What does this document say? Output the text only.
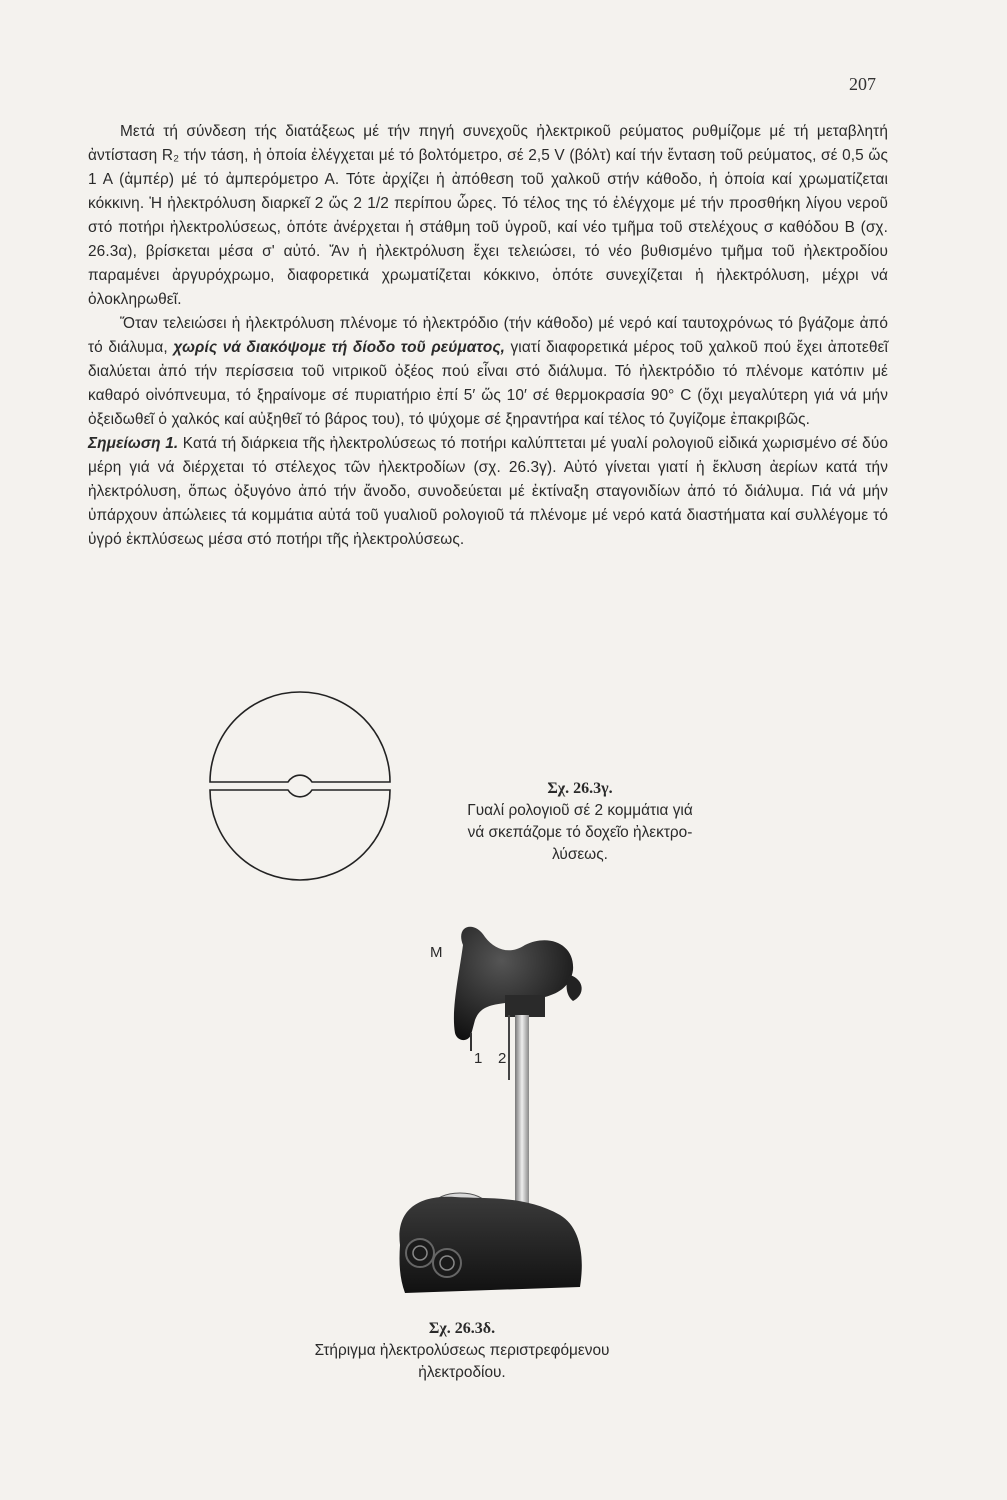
207

Μετά τή σύνδεση τής διατάξεως μέ τήν πηγή συνεχοῦς ἠλεκτρικοῦ ρεύματος ρυθμίζομε μέ τή μεταβλητή ἀντίσταση R₂ τήν τάση, ἡ ὁποία ἐλέγχεται μέ τό βολτόμετρο, σέ 2,5 V (βόλτ) καί τήν ἔνταση τοῦ ρεύματος, σέ 0,5 ὥς 1 Α (ἀμπέρ) μέ τό ἀμπερόμετρο Α. Τότε ἀρχίζει ἡ ἀπόθεση τοῦ χαλκοῦ στήν κάθοδο, ἡ ὁποία καί χρωματίζεται κόκκινη. Ἡ ἠλεκτρόλυση διαρκεῖ 2 ὥς 2 1/2 περίπου ὧρες. Τό τέλος της τό ἐλέγχομε μέ τήν προσθήκη λίγου νεροῦ στό ποτήρι ἠλεκτρολύσεως, ὁπότε ἀνέρχεται ἡ στάθμη τοῦ ὑγροῦ, καί νέο τμῆμα τοῦ στελέχους σ καθόδου Β (σχ. 26.3α), βρίσκεται μέσα σ' αὐτό. Ἄν ἡ ἠλεκτρόλυση ἔχει τελειώσει, τό νέο βυθισμένο τμῆμα τοῦ ἠλεκτροδίου παραμένει ἀργυρόχρωμο, διαφορετικά χρωματίζεται κόκκινο, ὁπότε συνεχίζεται ἡ ἠλεκτρόλυση, μέχρι νά ὁλοκληρωθεῖ.

Ὅταν τελειώσει ἡ ἠλεκτρόλυση πλένομε τό ἠλεκτρόδιο (τήν κάθοδο) μέ νερό καί ταυτοχρόνως τό βγάζομε ἀπό τό διάλυμα, χωρίς νά διακόψομε τή δίοδο τοῦ ρεύματος, γιατί διαφορετικά μέρος τοῦ χαλκοῦ πού ἔχει ἀποτεθεῖ διαλύεται ἀπό τήν περίσσεια τοῦ νιτρικοῦ ὀξέος πού εἶναι στό διάλυμα. Τό ἠλεκτρόδιο τό πλένομε κατόπιν μέ καθαρό οἰνόπνευμα, τό ξηραίνομε σέ πυριατήριο ἐπί 5′ ὥς 10′ σέ θερμοκρασία 90° C (ὄχι μεγαλύτερη γιά νά μήν ὀξειδωθεῖ ὁ χαλκός καί αὐξηθεῖ τό βάρος του), τό ψύχομε σέ ξηραντήρα καί τέλος τό ζυγίζομε ἐπακριβῶς.

Σημείωση 1. Κατά τή διάρκεια τῆς ἠλεκτρολύσεως τό ποτήρι καλύπτεται μέ γυαλί ρολογιοῦ εἰδικά χωρισμένο σέ δύο μέρη γιά νά διέρχεται τό στέλεχος τῶν ἠλεκτροδίων (σχ. 26.3γ). Αὐτό γίνεται γιατί ἡ ἔκλυση ἀερίων κατά τήν ἠλεκτρόλυση, ὅπως ὀξυγόνο ἀπό τήν ἄνοδο, συνοδεύεται μέ ἐκτίναξη σταγονιδίων ἀπό τό διάλυμα. Γιά νά μήν ὑπάρχουν ἀπώλειες τά κομμάτια αὐτά τοῦ γυαλιοῦ ρολογιοῦ τά πλένομε μέ νερό κατά διαστήματα καί συλλέγομε τό ὑγρό ἐκπλύσεως μέσα στό ποτήρι τῆς ἠλεκτρολύσεως.

Σχ. 26.3γ.
Γυαλί ρολογιοῦ σέ 2 κομμάτια γιά
νά σκεπάζομε τό δοχεῖο ἠλεκτρο-
λύσεως.
M
1 2
Σχ. 26.3δ.
Στήριγμα ἠλεκτρολύσεως περιστρεφόμενου
ἠλεκτροδίου.
